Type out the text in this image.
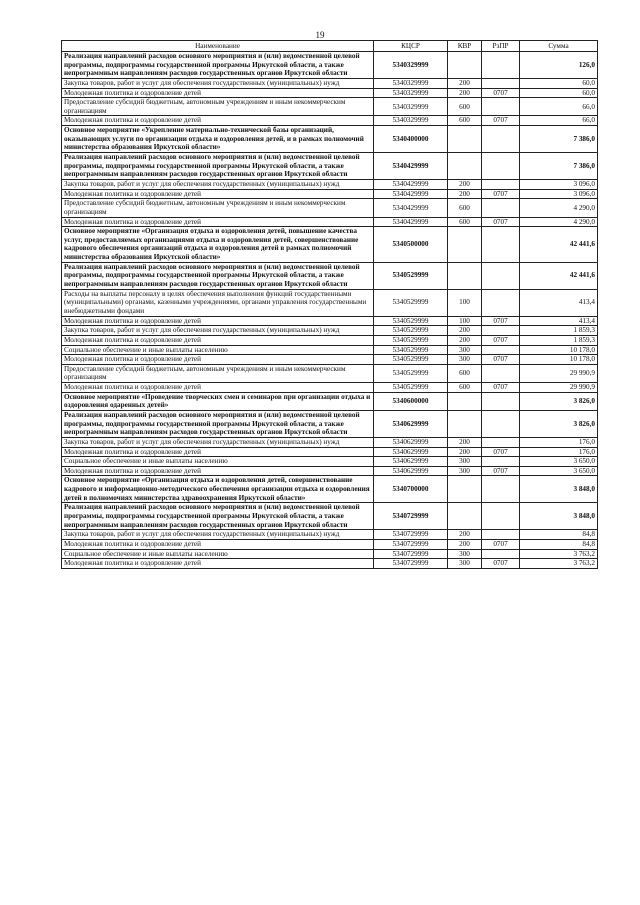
19
Наименование	КЦСР	КВР	РзПР	Сумма
Реализация направлений расходов основного мероприятия и (или) ведомственной целевой программы, подпрограммы государственной программы Иркутской области, а также непрограммным направлениям расходов государственных органов Иркутской области	5340329999			126,0
Закупка товаров, работ и услуг для обеспечения государственных (муниципальных) нужд	5340329999	200		60,0
Молодежная политика и оздоровление детей	5340329999	200	0707	60,0
Предоставление субсидий бюджетным, автономным учреждениям и иным некоммерческим организациям	5340329999	600		66,0
Молодежная политика и оздоровление детей	5340329999	600	0707	66,0
Основное мероприятие «Укрепление материально-технической базы организаций, оказывающих услуги по организации отдыха и оздоровления детей, и в рамках полномочий министерства образования Иркутской области»	5340400000			7 386,0
Реализация направлений расходов основного мероприятия и (или) ведомственной целевой программы, подпрограммы государственной программы Иркутской области, а также непрограммным направлениям расходов государственных органов Иркутской области	5340429999			7 386,0
Закупка товаров, работ и услуг для обеспечения государственных (муниципальных) нужд	5340429999	200		3 096,0
Молодежная политика и оздоровление детей	5340429999	200	0707	3 096,0
Предоставление субсидий бюджетным, автономным учреждениям и иным некоммерческим организациям	5340429999	600		4 290,0
Молодежная политика и оздоровление детей	5340429999	600	0707	4 290,0
Основное мероприятие «Организация отдыха и оздоровления детей, повышение качества услуг, предоставляемых организациями отдыха и оздоровления детей, совершенствование кадрового обеспечения организаций отдыха и оздоровления детей в рамках полномочий министерства образования Иркутской области»	5340500000			42 441,6
Реализация направлений расходов основного мероприятия и (или) ведомственной целевой программы, подпрограммы государственной программы Иркутской области, а также непрограммным направлениям расходов государственных органов Иркутской области	5340529999			42 441,6
Расходы на выплаты персоналу в целях обеспечения выполнения функций государственными (муниципальными) органами, казенными учреждениями, органами управления государственными внебюджетными фондами	5340529999	100		413,4
Молодежная политика и оздоровление детей	5340529999	100	0707	413,4
Закупка товаров, работ и услуг для обеспечения государственных (муниципальных) нужд	5340529999	200		1 859,3
Молодежная политика и оздоровление детей	5340529999	200	0707	1 859,3
Социальное обеспечение и иные выплаты населению	5340529999	300		10 178,0
Молодежная политика и оздоровление детей	5340529999	300	0707	10 178,0
Предоставление субсидий бюджетным, автономным учреждениям и иным некоммерческим организациям	5340529999	600		29 990,9
Молодежная политика и оздоровление детей	5340529999	600	0707	29 990,9
Основное мероприятие «Проведение творческих смен и семинаров при организации отдыха и оздоровления одаренных детей»	5340600000			3 826,0
Реализация направлений расходов основного мероприятия и (или) ведомственной целевой программы, подпрограммы государственной программы Иркутской области, а также непрограммным направлениям расходов государственных органов Иркутской области	5340629999			3 826,0
Закупка товаров, работ и услуг для обеспечения государственных (муниципальных) нужд	5340629999	200		176,0
Молодежная политика и оздоровление детей	5340629999	200	0707	176,0
Социальное обеспечение и иные выплаты населению	5340629999	300		3 650,0
Молодежная политика и оздоровление детей	5340629999	300	0707	3 650,0
Основное мероприятие «Организация отдыха и оздоровления детей, совершенствование кадрового и информационно-методического обеспечения организации отдыха и оздоровления детей в полномочиях министерства здравоохранения Иркутской области»	5340700000			3 848,0
Реализация направлений расходов основного мероприятия и (или) ведомственной целевой программы, подпрограммы государственной программы Иркутской области, а также непрограммным направлениям расходов государственных органов Иркутской области	5340729999			3 848,0
Закупка товаров, работ и услуг для обеспечения государственных (муниципальных) нужд	5340729999	200		84,8
Молодежная политика и оздоровление детей	5340729999	200	0707	84,8
Социальное обеспечение и иные выплаты населению	5340729999	300		3 763,2
Молодежная политика и оздоровление детей	5340729999	300	0707	3 763,2
